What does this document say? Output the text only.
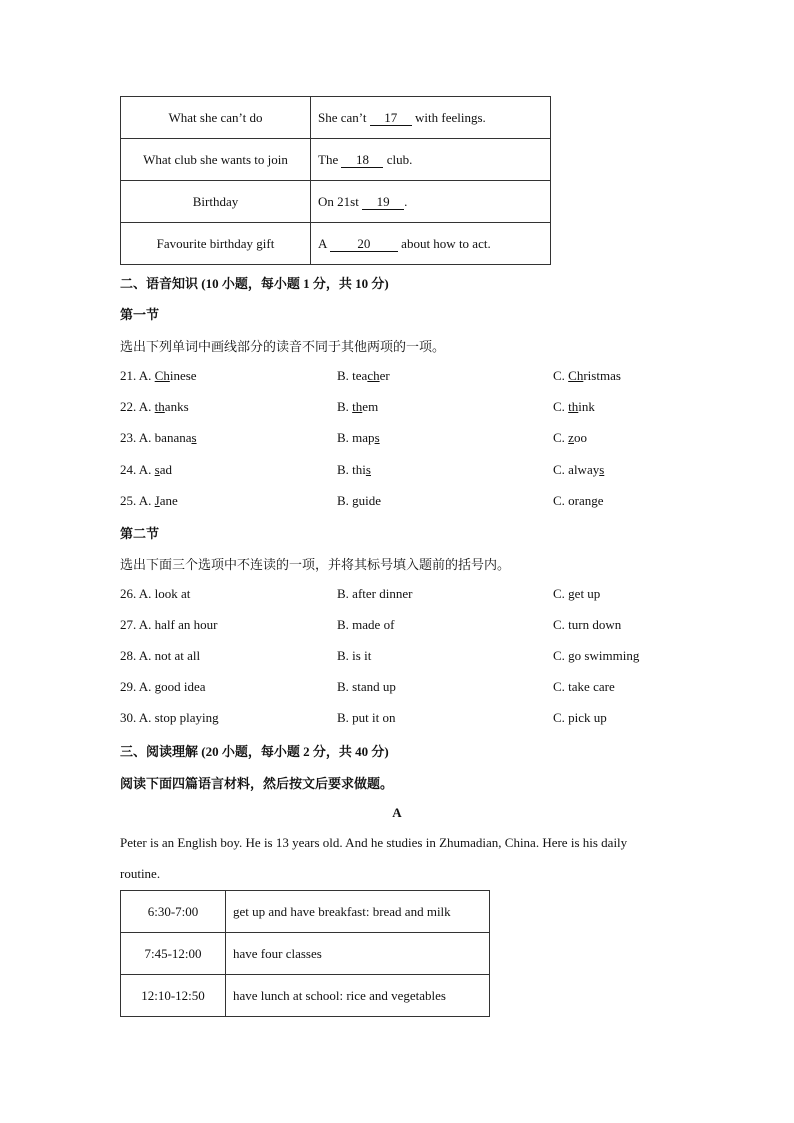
What she can’t do	She can’t 17 with feelings.
What club she wants to join	The 18 club.
Birthday	On 21st 19 .
Favourite birthday gift	A 20 about how to act.
二、语音知识 (10 小题，每小题 1 分，共 10 分)
第一节
选出下列单词中画线部分的读音不同于其他两项的一项。
21. A. Chinese	B. teacher	C. Christmas
22. A. thanks	B. them	C. think
23. A. bananas	B. maps	C. zoo
24. A. sad	B. this	C. always
25. A. Jane	B. guide	C. orange
第二节
选出下面三个选项中不连读的一项，并将其标号填入题前的括号内。
26. A. look at	B. after dinner	C. get up
27. A. half an hour	B. made of	C. turn down
28. A. not at all	B. is it	C. go swimming
29. A. good idea	B. stand up	C. take care
30. A. stop playing	B. put it on	C. pick up
三、阅读理解 (20 小题，每小题 2 分，共 40 分)
阅读下面四篇语言材料，然后按文后要求做题。
A
Peter is an English boy. He is 13 years old. And he studies in Zhumadian, China. Here is his daily
routine.
6:30-7:00	get up and have breakfast: bread and milk
7:45-12:00	have four classes
12:10-12:50	have lunch at school: rice and vegetables
